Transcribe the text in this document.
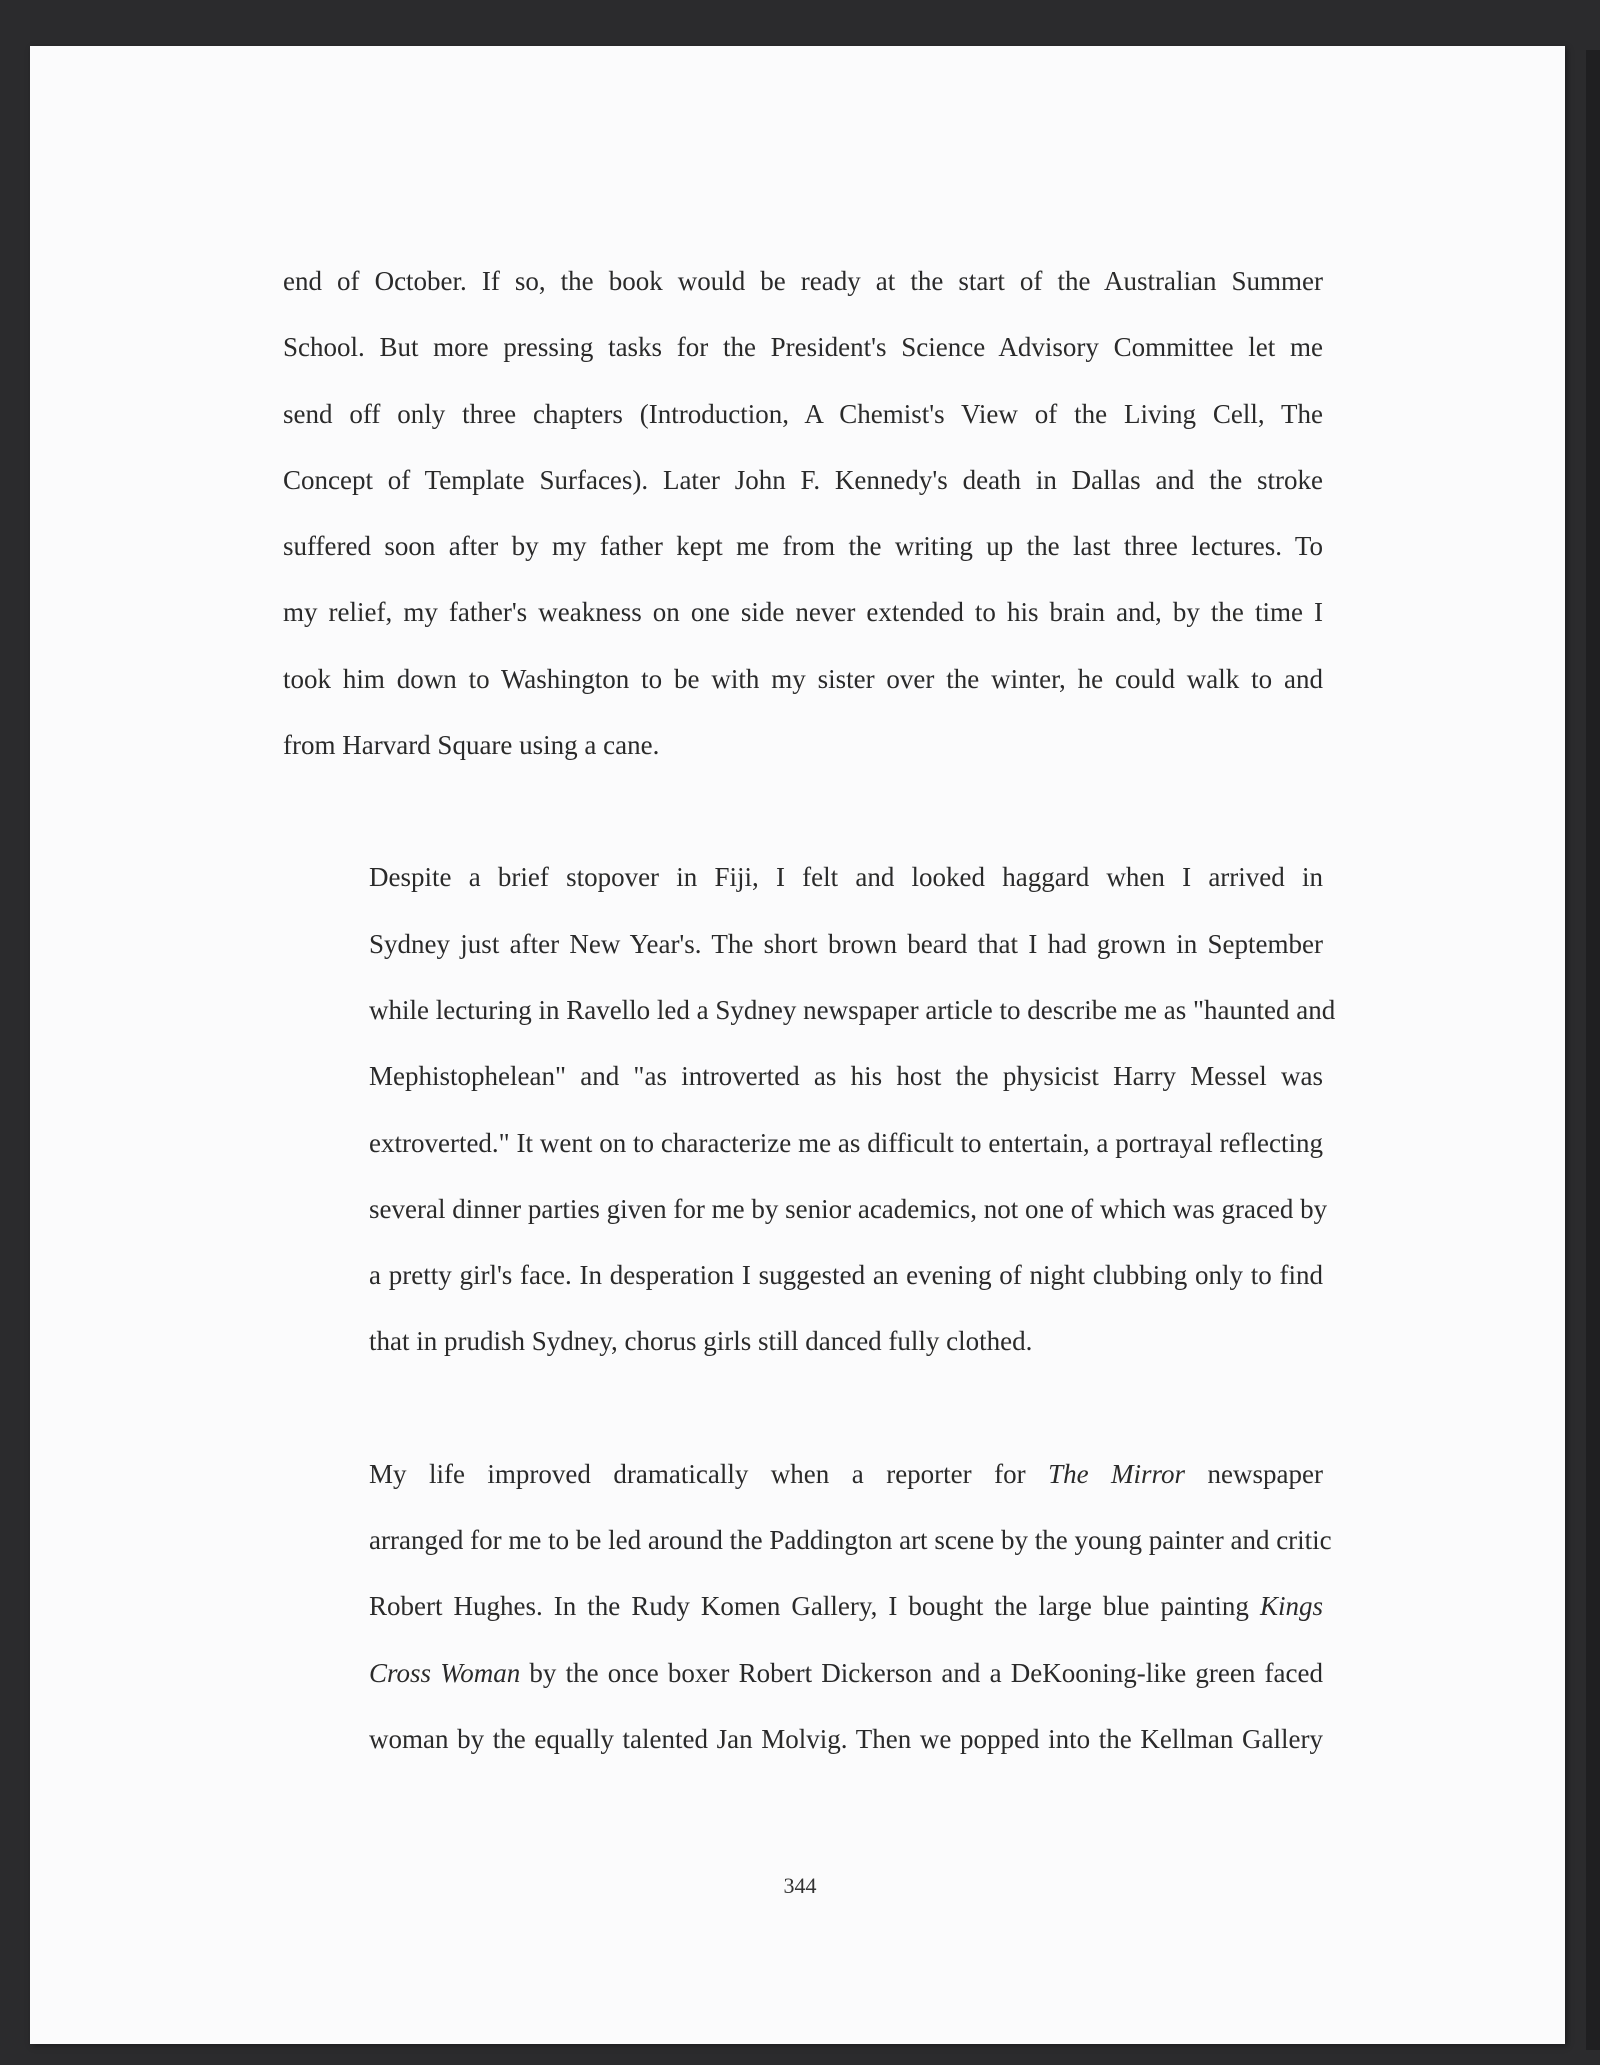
end of October. If so, the book would be ready at the start of the Australian Summer
School. But more pressing tasks for the President's Science Advisory Committee let me
send off only three chapters (Introduction, A Chemist's View of the Living Cell, The
Concept of Template Surfaces). Later John F. Kennedy's death in Dallas and the stroke
suffered soon after by my father kept me from the writing up the last three lectures. To
my relief, my father's weakness on one side never extended to his brain and, by the time I
took him down to Washington to be with my sister over the winter, he could walk to and
from Harvard Square using a cane.

Despite a brief stopover in Fiji, I felt and looked haggard when I arrived in
Sydney just after New Year's. The short brown beard that I had grown in September
while lecturing in Ravello led a Sydney newspaper article to describe me as "haunted and
Mephistophelean" and "as introverted as his host the physicist Harry Messel was
extroverted." It went on to characterize me as difficult to entertain, a portrayal reflecting
several dinner parties given for me by senior academics, not one of which was graced by
a pretty girl's face. In desperation I suggested an evening of night clubbing only to find
that in prudish Sydney, chorus girls still danced fully clothed.

My life improved dramatically when a reporter for The Mirror newspaper
arranged for me to be led around the Paddington art scene by the young painter and critic
Robert Hughes. In the Rudy Komen Gallery, I bought the large blue painting Kings
Cross Woman by the once boxer Robert Dickerson and a DeKooning-like green faced
woman by the equally talented Jan Molvig. Then we popped into the Kellman Gallery

344
